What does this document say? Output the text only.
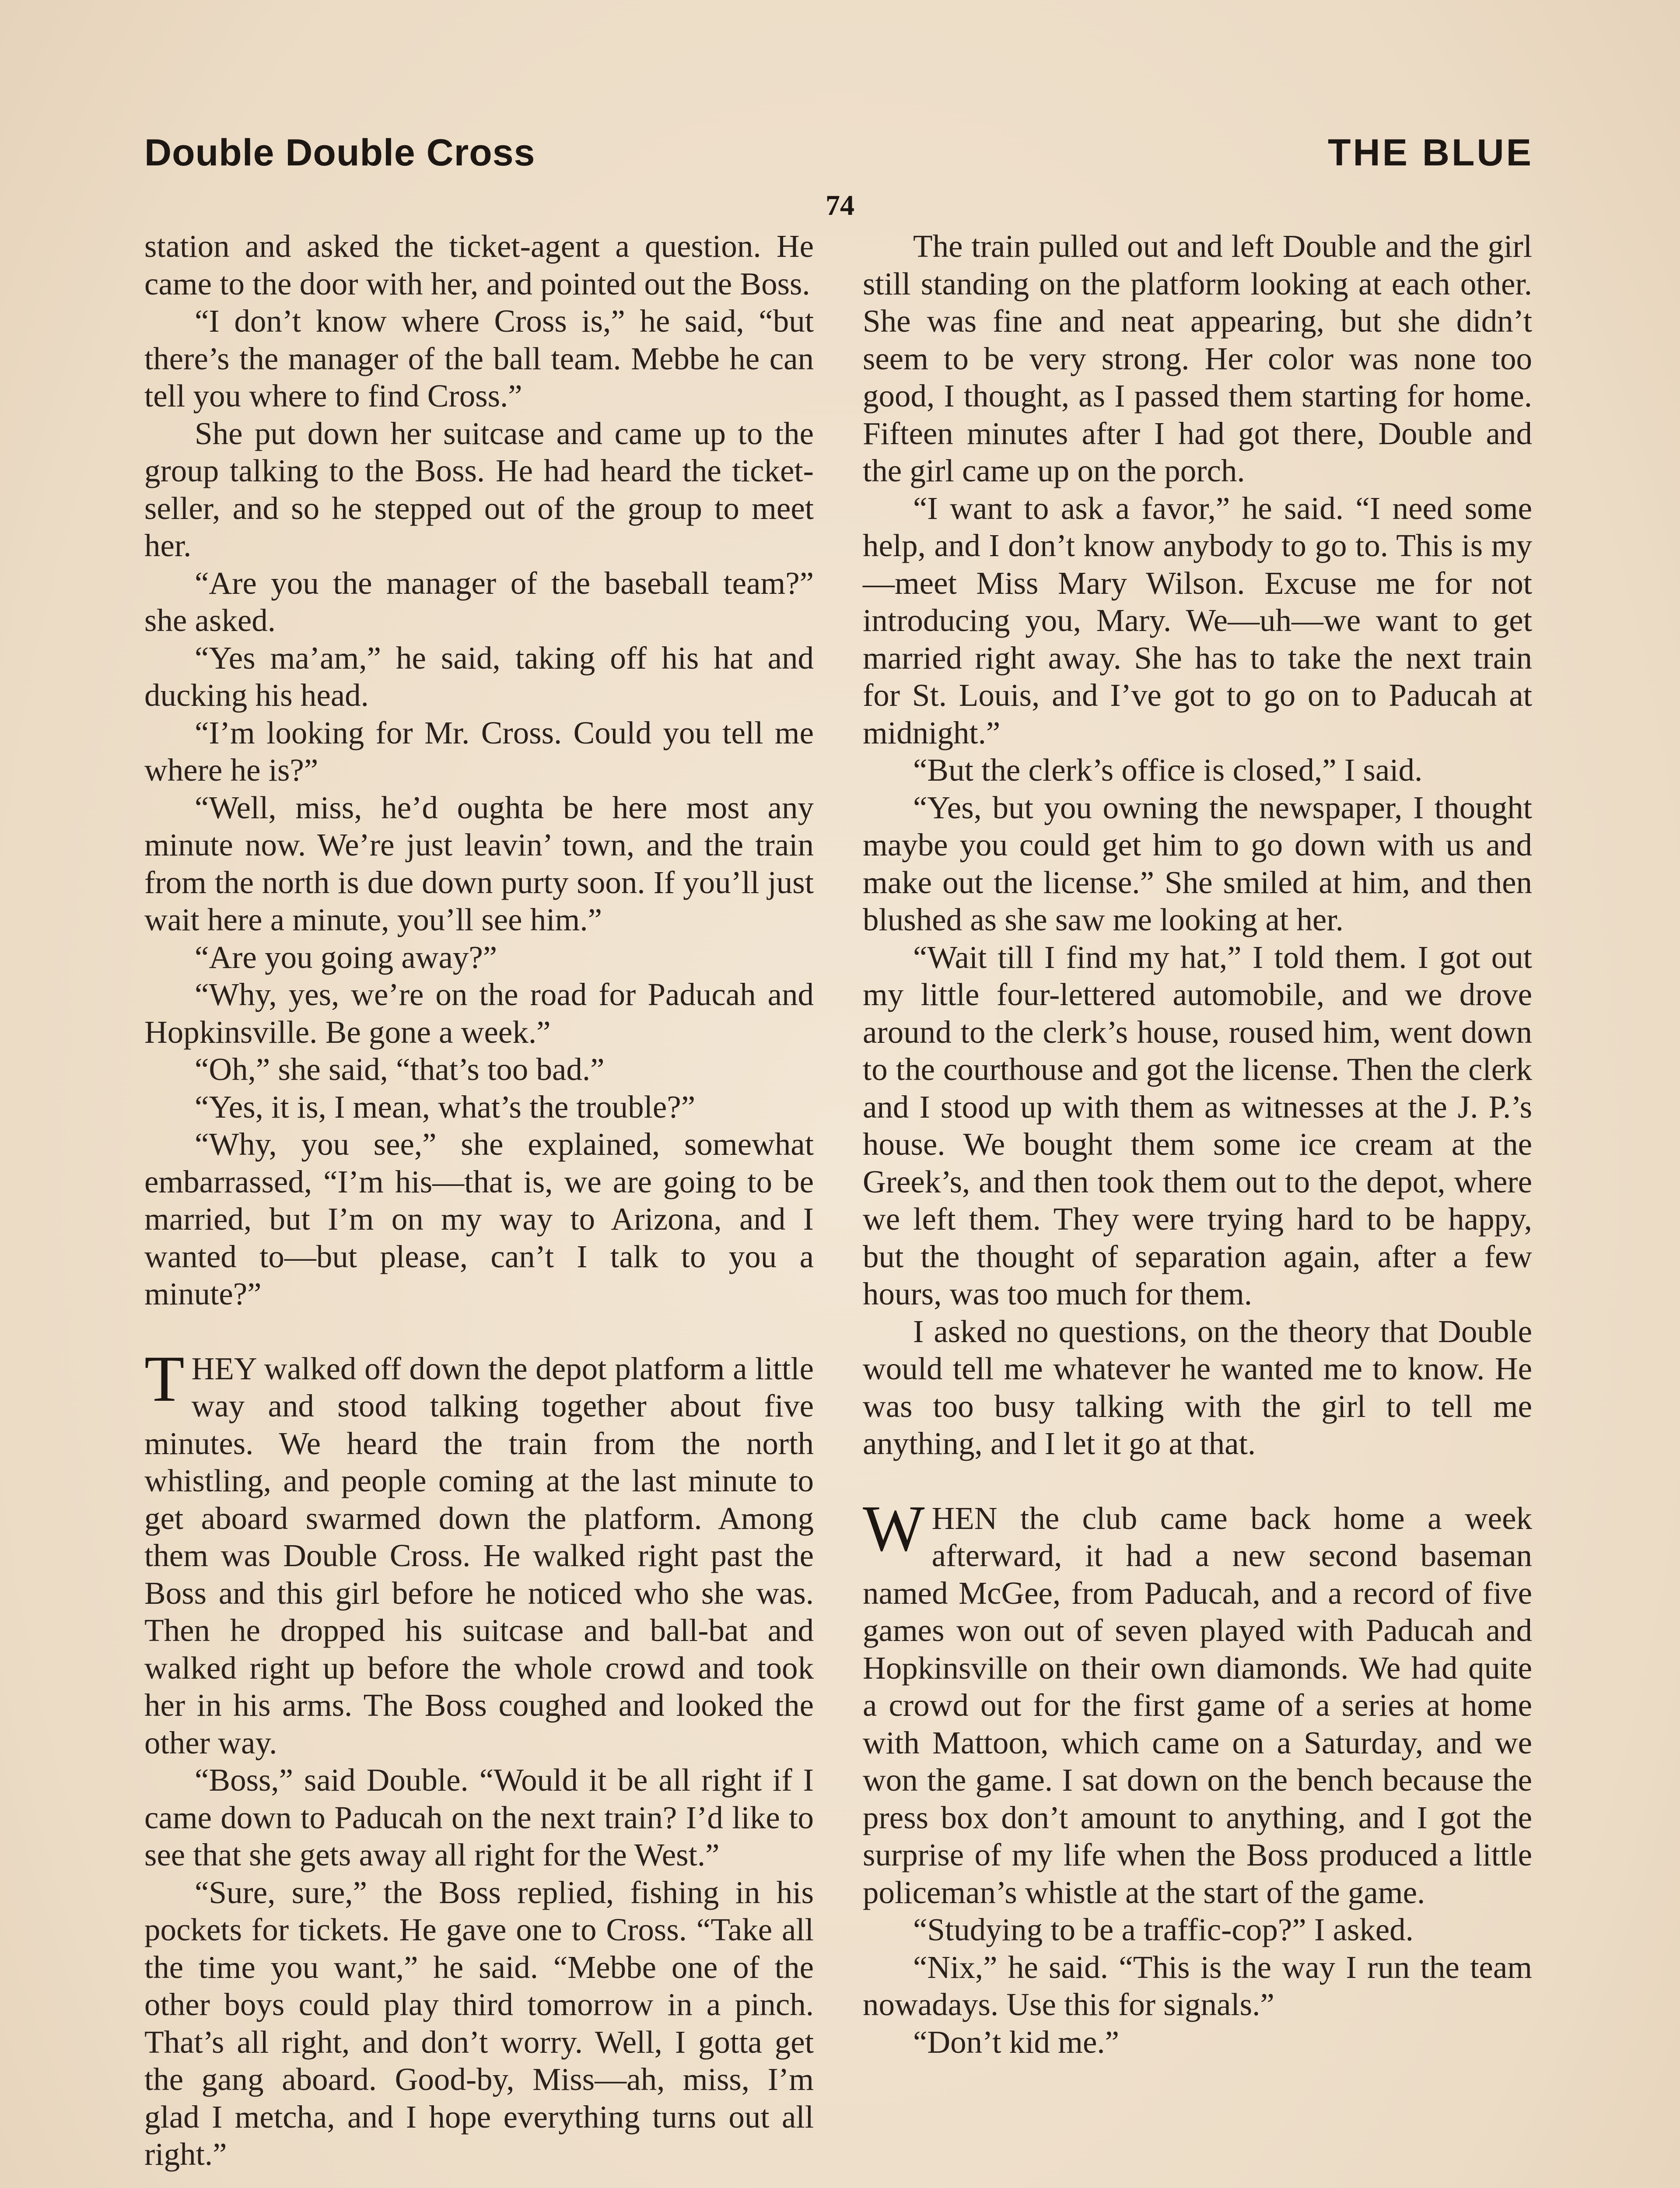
Double Double Cross	THE BLUE
74

station and asked the ticket-agent a question. He came to the door with her, and pointed out the Boss.

“I don’t know where Cross is,” he said, “but there’s the manager of the ball team. Mebbe he can tell you where to find Cross.”

She put down her suitcase and came up to the group talking to the Boss. He had heard the ticket-seller, and so he stepped out of the group to meet her.

“Are you the manager of the baseball team?” she asked.

“Yes ma’am,” he said, taking off his hat and ducking his head.

“I’m looking for Mr. Cross. Could you tell me where he is?”

“Well, miss, he’d oughta be here most any minute now. We’re just leavin’ town, and the train from the north is due down purty soon. If you’ll just wait here a minute, you’ll see him.”

“Are you going away?”

“Why, yes, we’re on the road for Paducah and Hopkinsville. Be gone a week.”

“Oh,” she said, “that’s too bad.”

“Yes, it is, I mean, what’s the trouble?”

“Why, you see,” she explained, somewhat embarrassed, “I’m his—that is, we are going to be married, but I’m on my way to Arizona, and I wanted to—but please, can’t I talk to you a minute?”

THEY walked off down the depot platform a little way and stood talking together about five minutes. We heard the train from the north whistling, and people coming at the last minute to get aboard swarmed down the platform. Among them was Double Cross. He walked right past the Boss and this girl before he noticed who she was. Then he dropped his suitcase and ball-bat and walked right up before the whole crowd and took her in his arms. The Boss coughed and looked the other way.

“Boss,” said Double. “Would it be all right if I came down to Paducah on the next train? I’d like to see that she gets away all right for the West.”

“Sure, sure,” the Boss replied, fishing in his pockets for tickets. He gave one to Cross. “Take all the time you want,” he said. “Mebbe one of the other boys could play third tomorrow in a pinch. That’s all right, and don’t worry. Well, I gotta get the gang aboard. Good-by, Miss—ah, miss, I’m glad I metcha, and I hope everything turns out all right.”

The train pulled out and left Double and the girl still standing on the platform looking at each other. She was fine and neat appearing, but she didn’t seem to be very strong. Her color was none too good, I thought, as I passed them starting for home. Fifteen minutes after I had got there, Double and the girl came up on the porch.

“I want to ask a favor,” he said. “I need some help, and I don’t know anybody to go to. This is my—meet Miss Mary Wilson. Excuse me for not introducing you, Mary. We—uh—we want to get married right away. She has to take the next train for St. Louis, and I’ve got to go on to Paducah at midnight.”

“But the clerk’s office is closed,” I said.

“Yes, but you owning the newspaper, I thought maybe you could get him to go down with us and make out the license.” She smiled at him, and then blushed as she saw me looking at her.

“Wait till I find my hat,” I told them. I got out my little four-lettered automobile, and we drove around to the clerk’s house, roused him, went down to the courthouse and got the license. Then the clerk and I stood up with them as witnesses at the J. P.’s house. We bought them some ice cream at the Greek’s, and then took them out to the depot, where we left them. They were trying hard to be happy, but the thought of separation again, after a few hours, was too much for them.

I asked no questions, on the theory that Double would tell me whatever he wanted me to know. He was too busy talking with the girl to tell me anything, and I let it go at that.

WHEN the club came back home a week afterward, it had a new second baseman named McGee, from Paducah, and a record of five games won out of seven played with Paducah and Hopkinsville on their own diamonds. We had quite a crowd out for the first game of a series at home with Mattoon, which came on a Saturday, and we won the game. I sat down on the bench because the press box don’t amount to anything, and I got the surprise of my life when the Boss produced a little policeman’s whistle at the start of the game.

“Studying to be a traffic-cop?” I asked.

“Nix,” he said. “This is the way I run the team nowadays. Use this for signals.”

“Don’t kid me.”
